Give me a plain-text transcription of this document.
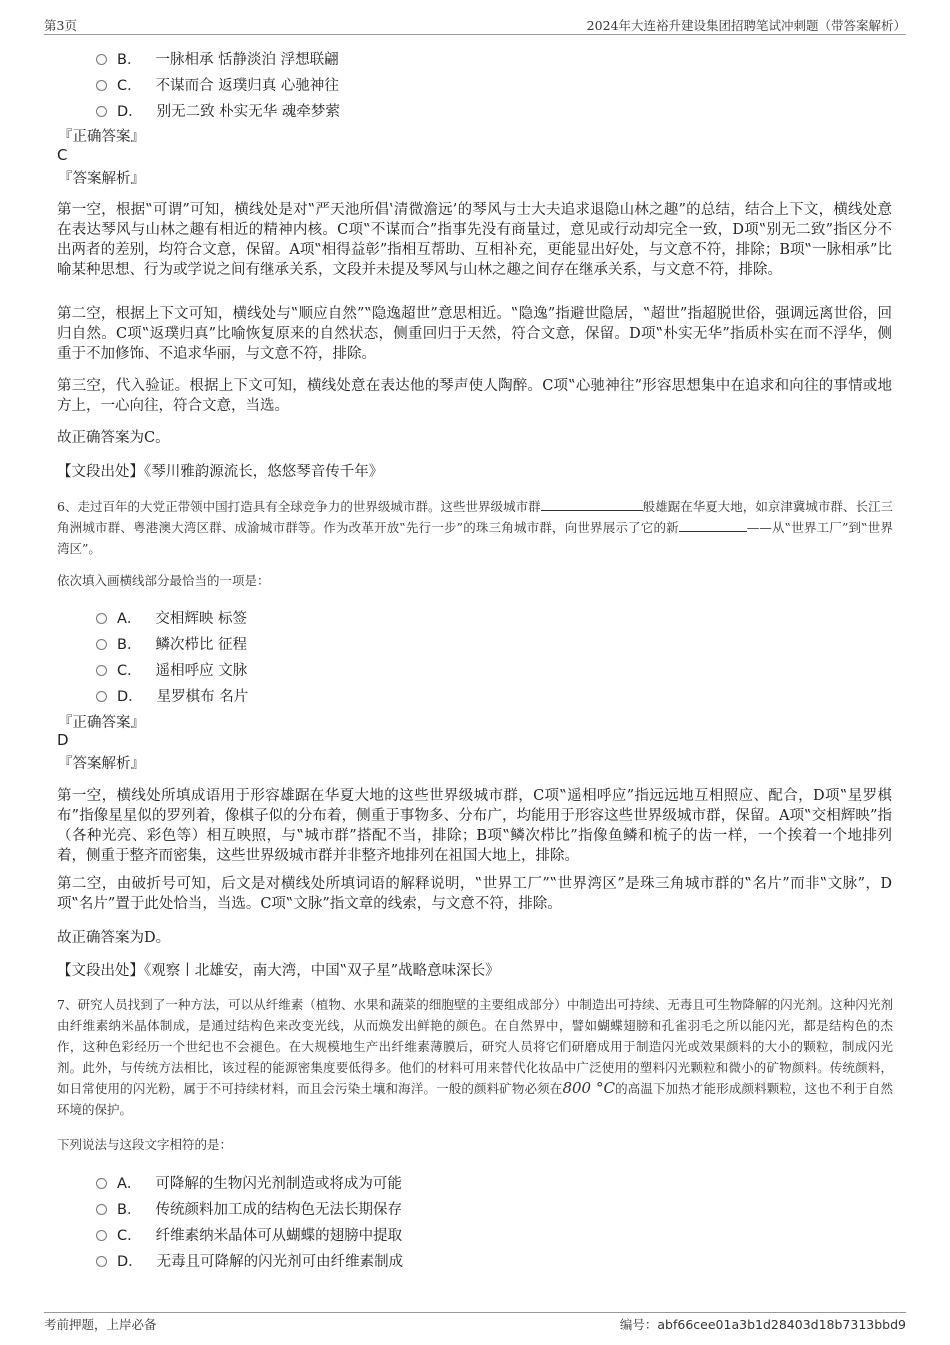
第3页	2024年大连裕升建设集团招聘笔试冲刺题（带答案解析）
B． 一脉相承 恬静淡泊 浮想联翩
C． 不谋而合 返璞归真 心驰神往
D． 别无二致 朴实无华 魂牵梦萦
『正确答案』
C
『答案解析』

第一空，根据‟可谓”可知，横线处是对‟严天池所倡‛清微澹远’的琴风与士大夫追求退隐山林之趣”的总结，结合上下文，横线处意在表达琴风与山林之趣有相近的精神内核。C项‟不谋而合”指事先没有商量过，意见或行动却完全一致，D项‟别无二致”指区分不出两者的差别，均符合文意，保留。A项‟相得益彰”指相互帮助、互相补充，更能显出好处，与文意不符，排除；B项‟一脉相承”比喻某种思想、行为或学说之间有继承关系，文段并未提及琴风与山林之趣之间存在继承关系，与文意不符，排除。

第二空，根据上下文可知，横线处与‟顺应自然”‟隐逸超世”意思相近。‟隐逸”指避世隐居，‟超世”指超脱世俗，强调远离世俗，回归自然。C项‟返璞归真”比喻恢复原来的自然状态，侧重回归于天然，符合文意，保留。D项‟朴实无华”指质朴实在而不浮华，侧重于不加修饰、不追求华丽，与文意不符，排除。

第三空，代入验证。根据上下文可知，横线处意在表达他的琴声使人陶醉。C项‟心驰神往”形容思想集中在追求和向往的事情或地方上，一心向往，符合文意，当选。

故正确答案为C。

【文段出处】《琴川雅韵源流长，悠悠琴音传千年》

6、走过百年的大党正带领中国打造具有全球竞争力的世界级城市群。这些世界级城市群	般雄踞在华夏大地，如京津冀城市群、长江三角洲城市群、粤港澳大湾区群、成渝城市群等。作为改革开放‟先行一步”的珠三角城市群，向世界展示了它的新	——从‟世界工厂”到‟世界湾区”。

依次填入画横线部分最恰当的一项是：
A． 交相辉映 标签
B． 鳞次栉比 征程
C． 遥相呼应 文脉
D． 星罗棋布 名片
『正确答案』
D
『答案解析』

第一空，横线处所填成语用于形容雄踞在华夏大地的这些世界级城市群，C项‟遥相呼应”指远远地互相照应、配合，D项‟星罗棋布”指像星星似的罗列着，像棋子似的分布着，侧重于事物多、分布广，均能用于形容这些世界级城市群，保留。A项‟交相辉映”指（各种光亮、彩色等）相互映照，与‟城市群”搭配不当，排除；B项‟鳞次栉比”指像鱼鳞和梳子的齿一样，一个挨着一个地排列着，侧重于整齐而密集，这些世界级城市群并非整齐地排列在祖国大地上，排除。

第二空，由破折号可知，后文是对横线处所填词语的解释说明，‟世界工厂”‟世界湾区”是珠三角城市群的‟名片”而非‟文脉”，D项‟名片”置于此处恰当，当选。C项‟文脉”指文章的线索，与文意不符，排除。

故正确答案为D。

【文段出处】《观察丨北雄安，南大湾，中国‟双子星”战略意味深长》

7、研究人员找到了一种方法，可以从纤维素（植物、水果和蔬菜的细胞壁的主要组成部分）中制造出可持续、无毒且可生物降解的闪光剂。这种闪光剂由纤维素纳米晶体制成，是通过结构色来改变光线，从而焕发出鲜艳的颜色。在自然界中，譬如蝴蝶翅膀和孔雀羽毛之所以能闪光，都是结构色的杰作，这种色彩经历一个世纪也不会褪色。在大规模地生产出纤维素薄膜后，研究人员将它们研磨成用于制造闪光或效果颜料的大小的颗粒，制成闪光剂。此外，与传统方法相比，该过程的能源密集度要低得多。他们的材料可用来替代化妆品中广泛使用的塑料闪光颗粒和微小的矿物颜料。传统颜料，如日常使用的闪光粉，属于不可持续材料，而且会污染土壤和海洋。一般的颜料矿物必须在800 °C的高温下加热才能形成颜料颗粒，这也不利于自然环境的保护。

下列说法与这段文字相符的是：
A． 可降解的生物闪光剂制造或将成为可能
B． 传统颜料加工成的结构色无法长期保存
C． 纤维素纳米晶体可从蝴蝶的翅膀中提取
D． 无毒且可降解的闪光剂可由纤维素制成
考前押题，上岸必备	编号：abf66cee01a3b1d28403d18b7313bbd9
